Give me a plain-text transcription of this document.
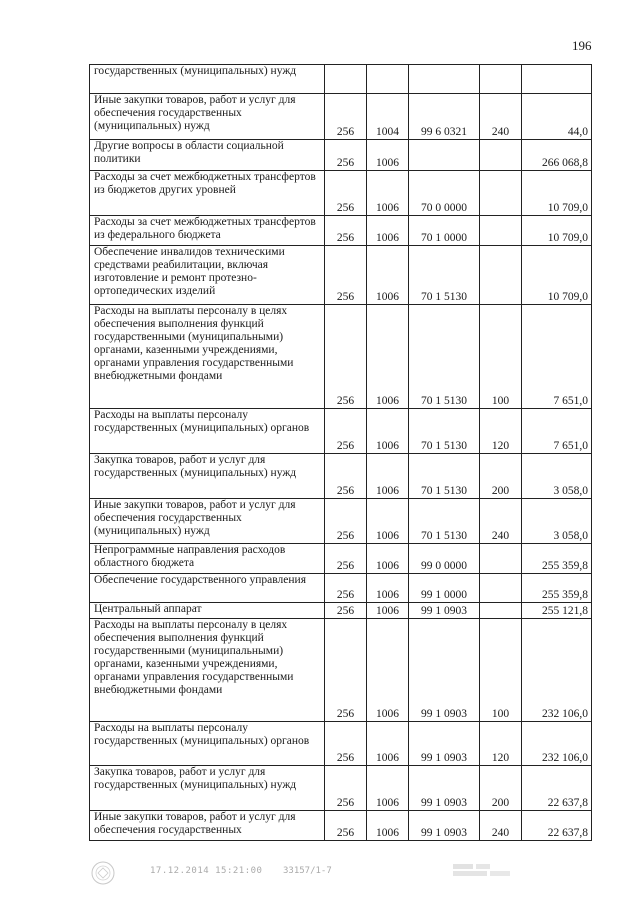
196
государственных (муниципальных) нужд					
Иные закупки товаров, работ и услуг для обеспечения государственных (муниципальных) нужд	256	1004	99 6 0321	240	44,0
Другие вопросы в области социальной политики	256	1006			266 068,8
Расходы за счет межбюджетных трансфертов из бюджетов других уровней	256	1006	70 0 0000		10 709,0
Расходы за счет межбюджетных трансфертов из федерального бюджета	256	1006	70 1 0000		10 709,0
Обеспечение инвалидов техническими средствами реабилитации, включая изготовление и ремонт протезно-ортопедических изделий	256	1006	70 1 5130		10 709,0
Расходы на выплаты персоналу в целях обеспечения выполнения функций государственными (муниципальными) органами, казенными учреждениями, органами управления государственными внебюджетными фондами	256	1006	70 1 5130	100	7 651,0
Расходы на выплаты персоналу государственных (муниципальных) органов	256	1006	70 1 5130	120	7 651,0
Закупка товаров, работ и услуг для государственных (муниципальных) нужд	256	1006	70 1 5130	200	3 058,0
Иные закупки товаров, работ и услуг для обеспечения государственных (муниципальных) нужд	256	1006	70 1 5130	240	3 058,0
Непрограммные направления расходов областного бюджета	256	1006	99 0 0000		255 359,8
Обеспечение государственного управления	256	1006	99 1 0000		255 359,8
Центральный аппарат	256	1006	99 1 0903		255 121,8
Расходы на выплаты персоналу в целях обеспечения выполнения функций государственными (муниципальными) органами, казенными учреждениями, органами управления государственными внебюджетными фондами	256	1006	99 1 0903	100	232 106,0
Расходы на выплаты персоналу государственных (муниципальных) органов	256	1006	99 1 0903	120	232 106,0
Закупка товаров, работ и услуг для государственных (муниципальных) нужд	256	1006	99 1 0903	200	22 637,8
Иные закупки товаров, работ и услуг для обеспечения государственных	256	1006	99 1 0903	240	22 637,8
17.12.2014 15:21:00 33157/1-7
